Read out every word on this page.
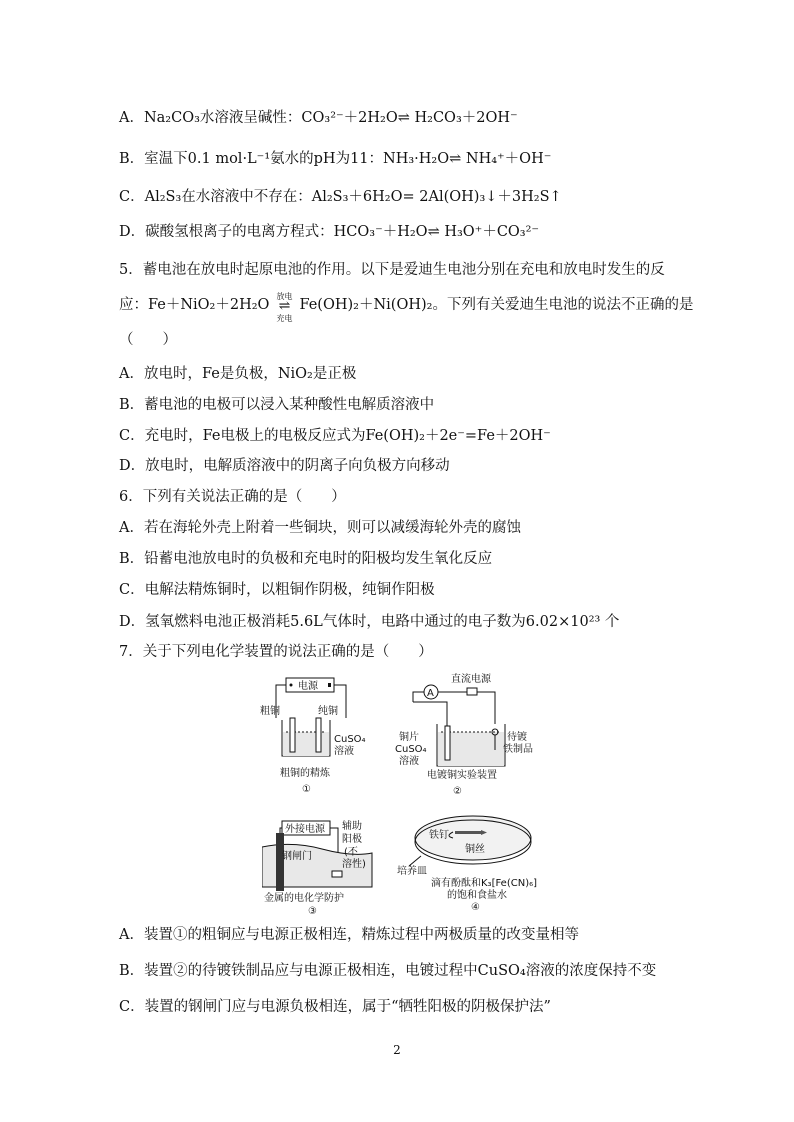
A．Na₂CO₃水溶液呈碱性：CO₃²⁻＋2H₂O⇌ H₂CO₃＋2OH⁻
B．室温下0.1 mol·L⁻¹氨水的pH为11：NH₃·H₂O⇌ NH₄⁺＋OH⁻
C．Al₂S₃在水溶液中不存在：Al₂S₃＋6H₂O= 2Al(OH)₃↓＋3H₂S↑
D．碳酸氢根离子的电离方程式：HCO₃⁻＋H₂O⇌ H₃O⁺＋CO₃²⁻
5．蓄电池在放电时起原电池的作用。以下是爱迪生电池分别在充电和放电时发生的反
应：Fe＋NiO₂＋2H₂O
放电
⇌
充电
Fe(OH)₂＋Ni(OH)₂。下列有关爱迪生电池的说法不正确的是
（　　）
A．放电时，Fe是负极，NiO₂是正极
B．蓄电池的电极可以浸入某种酸性电解质溶液中
C．充电时，Fe电极上的电极反应式为Fe(OH)₂＋2e⁻=Fe＋2OH⁻
D．放电时，电解质溶液中的阴离子向负极方向移动
6．下列有关说法正确的是（　　）
A．若在海轮外壳上附着一些铜块，则可以减缓海轮外壳的腐蚀
B．铅蓄电池放电时的负极和充电时的阳极均发生氧化反应
C．电解法精炼铜时，以粗铜作阴极，纯铜作阳极
D．氢氧燃料电池正极消耗5.6L气体时，电路中通过的电子数为6.02×10²³ 个
7．关于下列电化学装置的说法正确的是（　　）
电源
粗铜	纯铜
CuSO₄
溶液
粗铜的精炼
①
直流电源
A
铜片
CuSO₄
溶液
待镀
铁制品
电镀铜实验装置
②
外接电源
钢闸门
辅助
阳极
(不
溶性)
金属的电化学防护
③
铁钉
铜丝
培养皿
滴有酚酞和K₃[Fe(CN)₆]
的饱和食盐水
④
A．装置①的粗铜应与电源正极相连，精炼过程中两极质量的改变量相等
B．装置②的待镀铁制品应与电源正极相连，电镀过程中CuSO₄溶液的浓度保持不变
C．装置的钢闸门应与电源负极相连，属于“牺牲阳极的阴极保护法”
2
